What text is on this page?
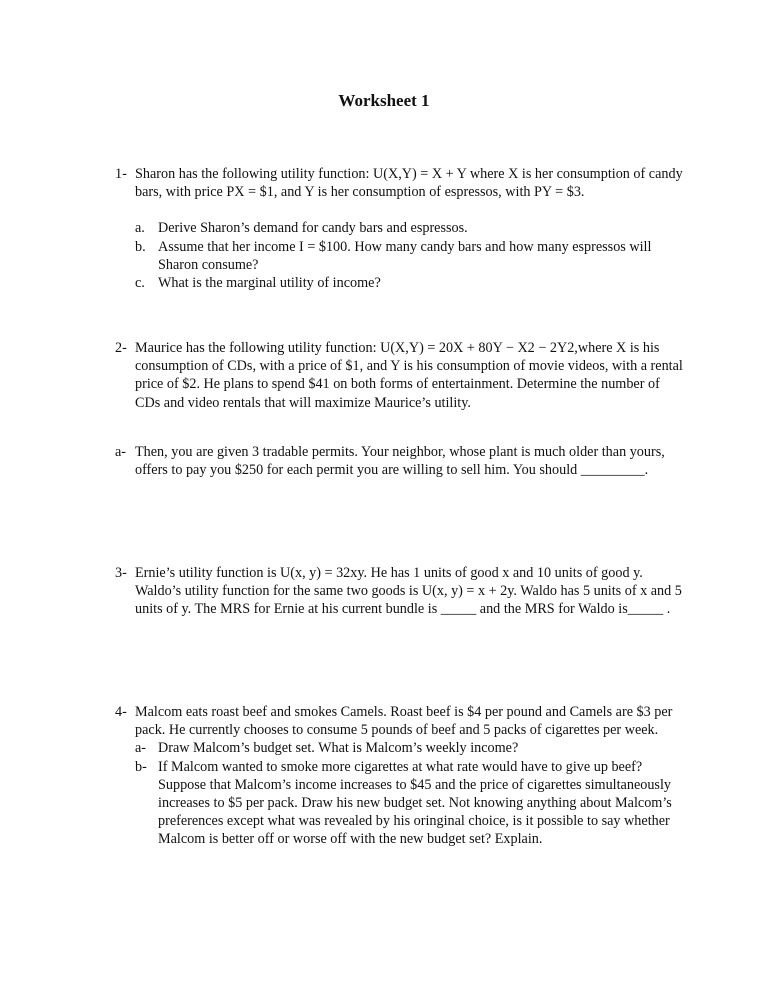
Worksheet 1
1- Sharon has the following utility function: U(X,Y) = X + Y where X is her consumption of candy bars, with price PX = $1, and Y is her consumption of espressos, with PY = $3.
a. Derive Sharon’s demand for candy bars and espressos.
b. Assume that her income I = $100. How many candy bars and how many espressos will Sharon consume?
c. What is the marginal utility of income?
2- Maurice has the following utility function: U(X,Y) = 20X + 80Y − X2 − 2Y2,where X is his consumption of CDs, with a price of $1, and Y is his consumption of movie videos, with a rental price of $2. He plans to spend $41 on both forms of entertainment. Determine the number of CDs and video rentals that will maximize Maurice’s utility.
a- Then, you are given 3 tradable permits. Your neighbor, whose plant is much older than yours, offers to pay you $250 for each permit you are willing to sell him. You should _________.
3- Ernie’s utility function is U(x, y) = 32xy. He has 1 units of good x and 10 units of good y. Waldo’s utility function for the same two goods is U(x, y) = x + 2y. Waldo has 5 units of x and 5 units of y. The MRS for Ernie at his current bundle is _____ and the MRS for Waldo is_____ .
4- Malcom eats roast beef and smokes Camels. Roast beef is $4 per pound and Camels are $3 per pack. He currently chooses to consume 5 pounds of beef and 5 packs of cigarettes per week.
a- Draw Malcom’s budget set. What is Malcom’s weekly income?
b- If Malcom wanted to smoke more cigarettes at what rate would have to give up beef? Suppose that Malcom’s income increases to $45 and the price of cigarettes simultaneously increases to $5 per pack. Draw his new budget set. Not knowing anything about Malcom’s preferences except what was revealed by his oringinal choice, is it possible to say whether Malcom is better off or worse off with the new budget set? Explain.
